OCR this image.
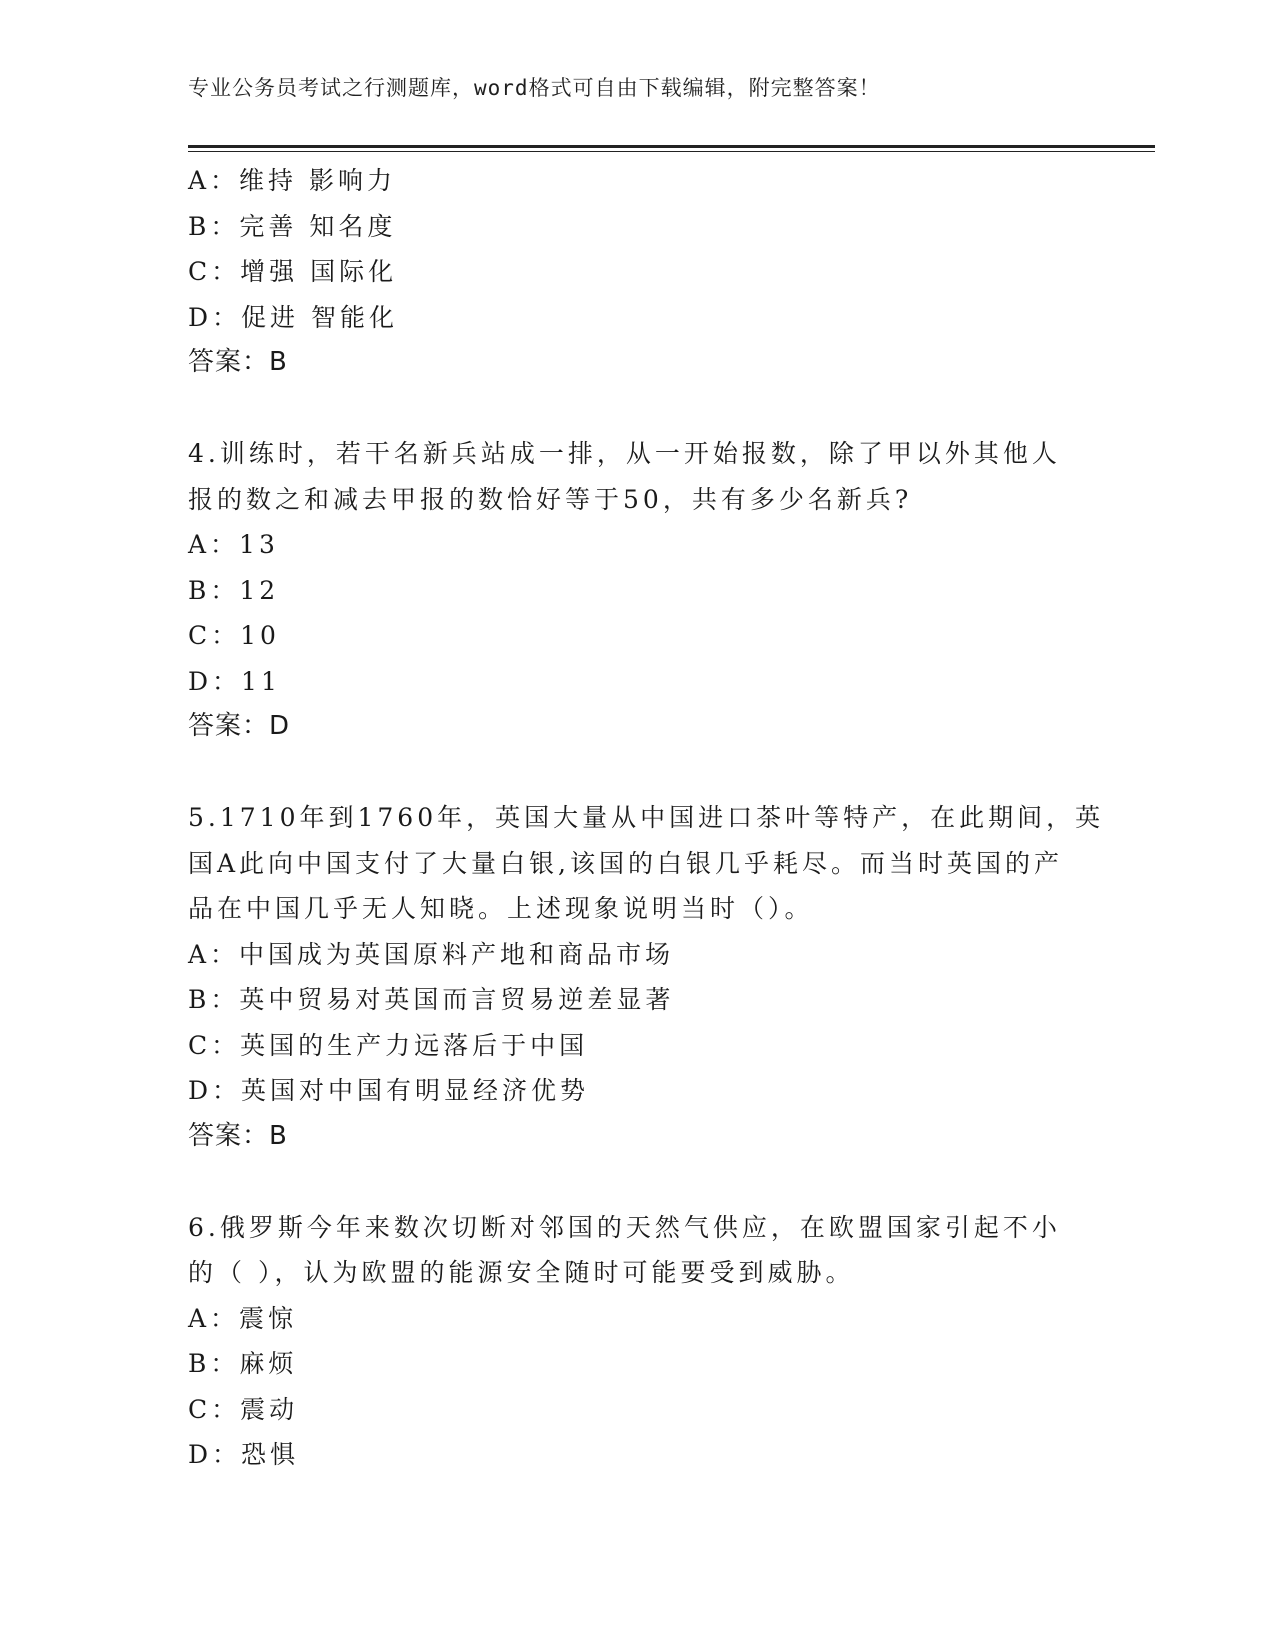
专业公务员考试之行测题库，word格式可自由下载编辑，附完整答案！
A：维持 影响力
B：完善 知名度
C：增强 国际化
D：促进 智能化
答案：B
4.训练时，若干名新兵站成一排，从一开始报数，除了甲以外其他人
报的数之和减去甲报的数恰好等于50，共有多少名新兵?
A：13
B：12
C：10
D：11
答案：D
5.1710年到1760年，英国大量从中国进口茶叶等特产，在此期间，英
国A此向中国支付了大量白银,该国的白银几乎耗尽。而当时英国的产
品在中国几乎无人知晓。上述现象说明当时（）。
A：中国成为英国原料产地和商品市场
B：英中贸易对英国而言贸易逆差显著
C：英国的生产力远落后于中国
D：英国对中国有明显经济优势
答案：B
6.俄罗斯今年来数次切断对邻国的天然气供应，在欧盟国家引起不小
的（ ），认为欧盟的能源安全随时可能要受到威胁。
A：震惊
B：麻烦
C：震动
D：恐惧
